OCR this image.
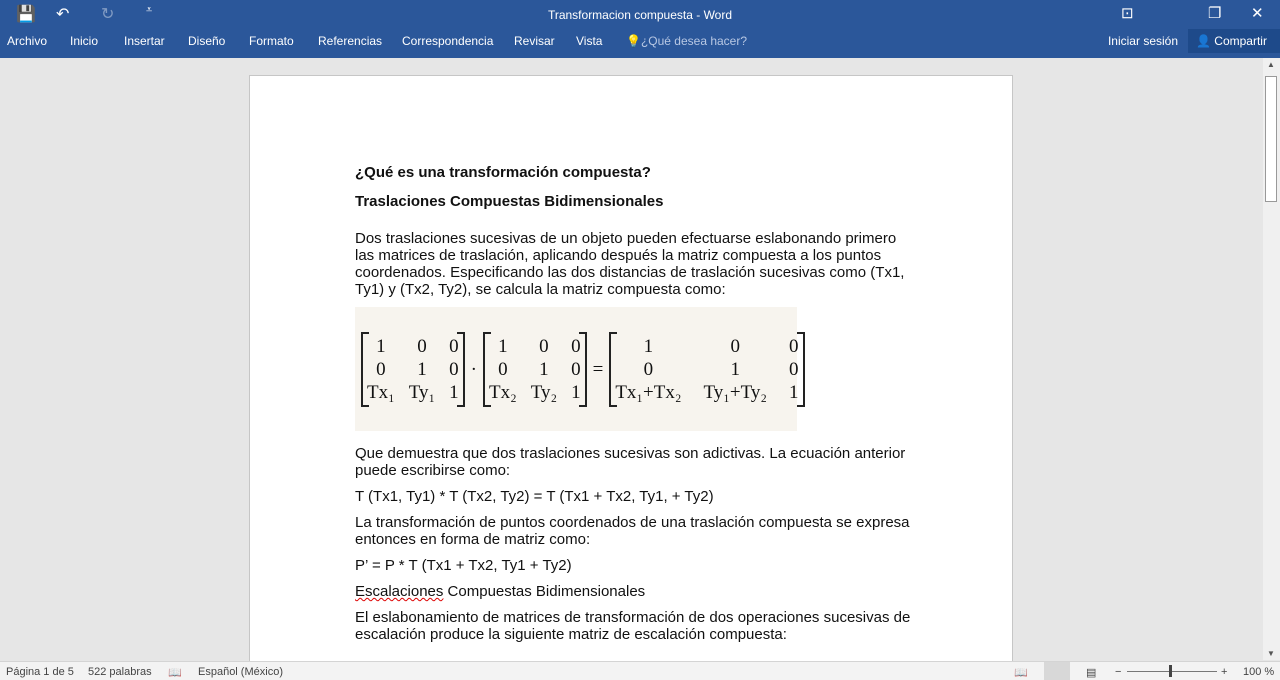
💾 ↶ ↻	⩡	Transformacion compuesta - Word	⊡	❐ ✕
Archivo Inicio Insertar Diseño Formato Referencias Correspondencia Revisar Vista 💡¿Qué desea hacer?	Iniciar sesión	👤 Compartir
¿Qué es una transformación compuesta?
Traslaciones Compuestas Bidimensionales

Dos traslaciones sucesivas de un objeto pueden efectuarse eslabonando primero las matrices de traslación, aplicando después la matriz compuesta a los puntos coordenados. Especificando las dos distancias de traslación sucesivas como (Tx1, Ty1) y (Tx2, Ty2), se calcula la matriz compuesta como:

1	0	0
0	1	0
Tx₁ Ty₁ 1
·
1	0	0
0	1	0
Tx₂ Ty₂ 1
=
1	0	0
0	1	0
Tx₁+Tx₂ Ty₁+Ty₂ 1

Que demuestra que dos traslaciones sucesivas son adictivas. La ecuación anterior puede escribirse como:

T (Tx1, Ty1) * T (Tx2, Ty2) = T (Tx1 + Tx2, Ty1, + Ty2)

La transformación de puntos coordenados de una traslación compuesta se expresa entonces en forma de matriz como:

P’ = P * T (Tx1 + Tx2, Ty1 + Ty2)

Escalaciones Compuestas Bidimensionales

El eslabonamiento de matrices de transformación de dos operaciones sucesivas de escalación produce la siguiente matriz de escalación compuesta:

▲
▼
Página 1 de 5 522 palabras 📖 Español (México)	📖	▤ −	+ 100 %
